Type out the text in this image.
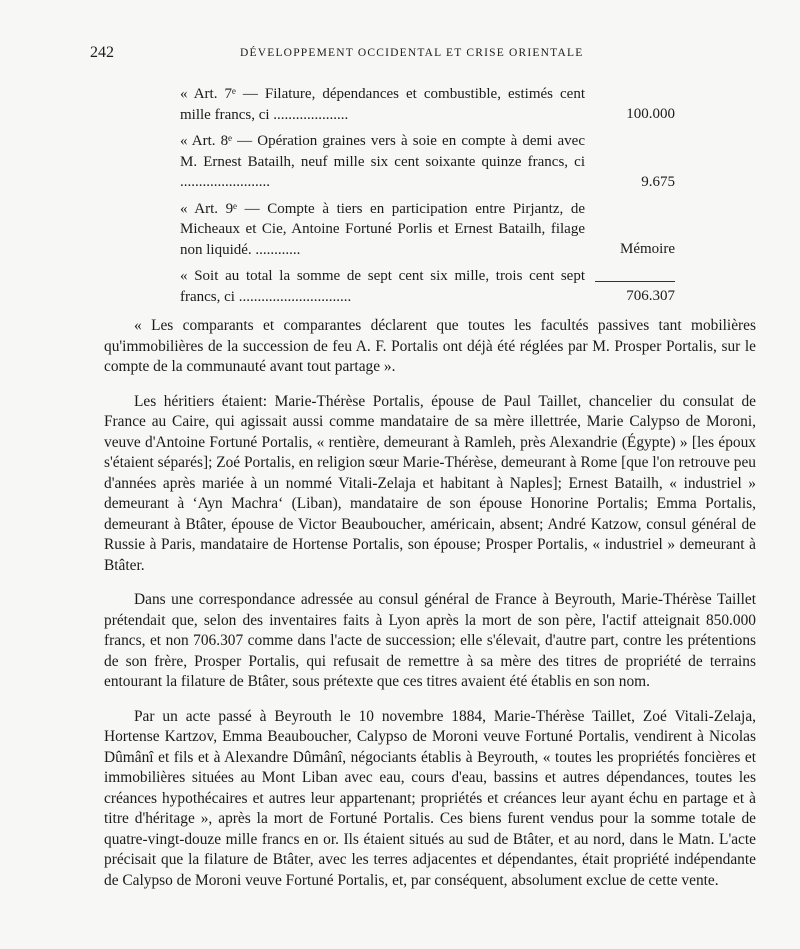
242	DÉVELOPPEMENT OCCIDENTAL ET CRISE ORIENTALE
« Art. 7ᵉ — Filature, dépendances et combustible, estimés cent mille francs, ci ....................	100.000
« Art. 8ᵉ — Opération graines vers à soie en compte à demi avec M. Ernest Batailh, neuf mille six cent soixante quinze francs, ci ........................	9.675
« Art. 9ᵉ — Compte à tiers en participation entre Pirjantz, de Micheaux et Cie, Antoine Fortuné Porlis et Ernest Batailh, filage non liquidé. ............	Mémoire
« Soit au total la somme de sept cent six mille, trois cent sept francs, ci ..............................	706.307

« Les comparants et comparantes déclarent que toutes les facultés passives tant mobilières qu'immobilières de la succession de feu A. F. Portalis ont déjà été réglées par M. Prosper Portalis, sur le compte de la communauté avant tout partage ».

Les héritiers étaient: Marie-Thérèse Portalis, épouse de Paul Taillet, chancelier du consulat de France au Caire, qui agissait aussi comme mandataire de sa mère illettrée, Marie Calypso de Moroni, veuve d'Antoine Fortuné Portalis, « rentière, demeurant à Ramleh, près Alexandrie (Égypte) » [les époux s'étaient séparés]; Zoé Portalis, en religion sœur Marie-Thérèse, demeurant à Rome [que l'on retrouve peu d'années après mariée à un nommé Vitali-Zelaja et habitant à Naples]; Ernest Batailh, « industriel » demeurant à ‘Ayn Machra‘ (Liban), mandataire de son épouse Honorine Portalis; Emma Portalis, demeurant à Btâter, épouse de Victor Beauboucher, américain, absent; André Katzow, consul général de Russie à Paris, mandataire de Hortense Portalis, son épouse; Prosper Portalis, « industriel » demeurant à Btâter.

Dans une correspondance adressée au consul général de France à Beyrouth, Marie-Thérèse Taillet prétendait que, selon des inventaires faits à Lyon après la mort de son père, l'actif atteignait 850.000 francs, et non 706.307 comme dans l'acte de succession; elle s'élevait, d'autre part, contre les prétentions de son frère, Prosper Portalis, qui refusait de remettre à sa mère des titres de propriété de terrains entourant la filature de Btâter, sous prétexte que ces titres avaient été établis en son nom.

Par un acte passé à Beyrouth le 10 novembre 1884, Marie-Thérèse Taillet, Zoé Vitali-Zelaja, Hortense Kartzov, Emma Beauboucher, Calypso de Moroni veuve Fortuné Portalis, vendirent à Nicolas Dûmânî et fils et à Alexandre Dûmânî, négociants établis à Beyrouth, « toutes les propriétés foncières et immobilières situées au Mont Liban avec eau, cours d'eau, bassins et autres dépendances, toutes les créances hypothécaires et autres leur appartenant; propriétés et créances leur ayant échu en partage et à titre d'héritage », après la mort de Fortuné Portalis. Ces biens furent vendus pour la somme totale de quatre-vingt-douze mille francs en or. Ils étaient situés au sud de Btâter, et au nord, dans le Matn. L'acte précisait que la filature de Btâter, avec les terres adjacentes et dépendantes, était propriété indépendante de Calypso de Moroni veuve Fortuné Portalis, et, par conséquent, absolument exclue de cette vente.
